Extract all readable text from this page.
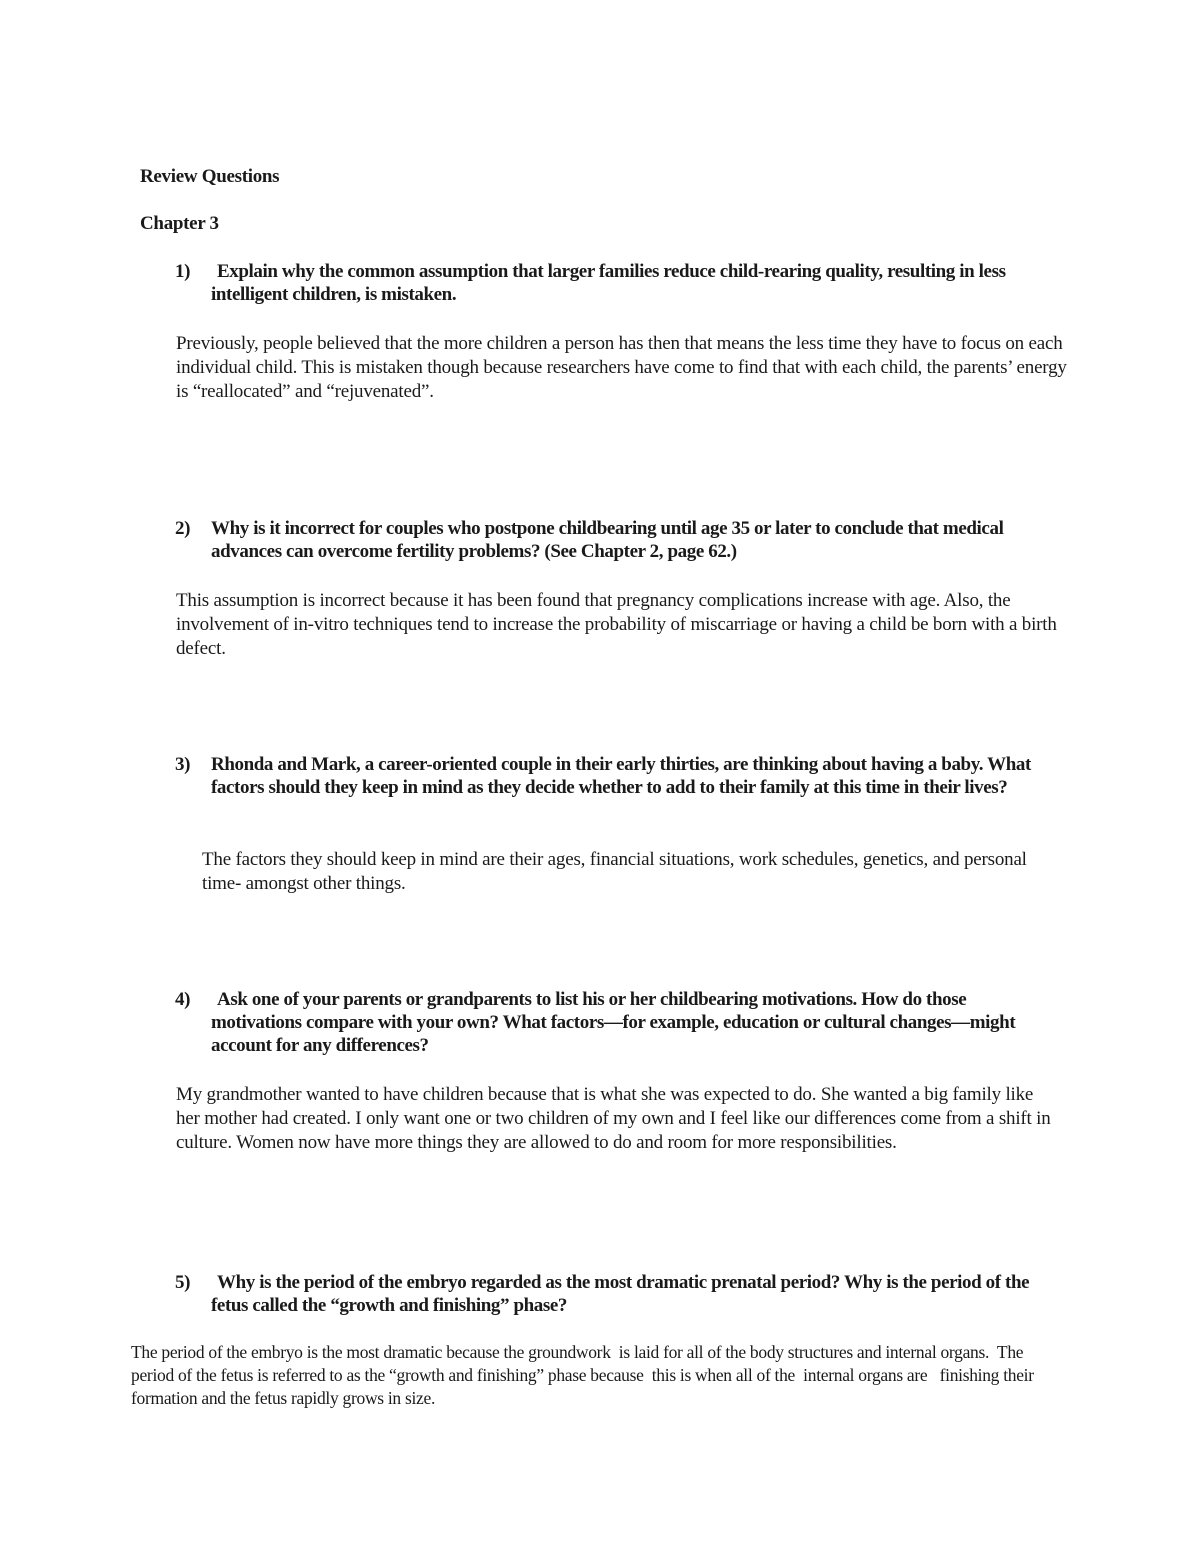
Review Questions
Chapter 3
1)	Explain why the common assumption that larger families reduce child-rearing quality, resulting in less intelligent children, is mistaken.
Previously, people believed that the more children a person has then that means the less time they have to focus on each individual child. This is mistaken though because researchers have come to find that with each child, the parents’ energy is “reallocated” and “rejuvenated”.
2)	Why is it incorrect for couples who postpone childbearing until age 35 or later to conclude that medical advances can overcome fertility problems? (See Chapter 2, page 62.)
This assumption is incorrect because it has been found that pregnancy complications increase with age. Also, the involvement of in-vitro techniques tend to increase the probability of miscarriage or having a child be born with a birth defect.
3)	Rhonda and Mark, a career-oriented couple in their early thirties, are thinking about having a baby. What factors should they keep in mind as they decide whether to add to their family at this time in their lives?
The factors they should keep in mind are their ages, financial situations, work schedules, genetics, and personal time- amongst other things.
4)	Ask one of your parents or grandparents to list his or her childbearing motivations. How do those motivations compare with your own? What factors—for example, education or cultural changes—might account for any differences?
My grandmother wanted to have children because that is what she was expected to do. She wanted a big family like her mother had created. I only want one or two children of my own and I feel like our differences come from a shift in culture. Women now have more things they are allowed to do and room for more responsibilities.
5)	Why is the period of the embryo regarded as the most dramatic prenatal period? Why is the period of the fetus called the “growth and finishing” phase?
The period of the embryo is the most dramatic because the groundwork  is laid for all of the body structures and internal organs.  The period of the fetus is referred to as the “growth and finishing” phase because  this is when all of the  internal organs are   finishing their formation and the fetus rapidly grows in size.
